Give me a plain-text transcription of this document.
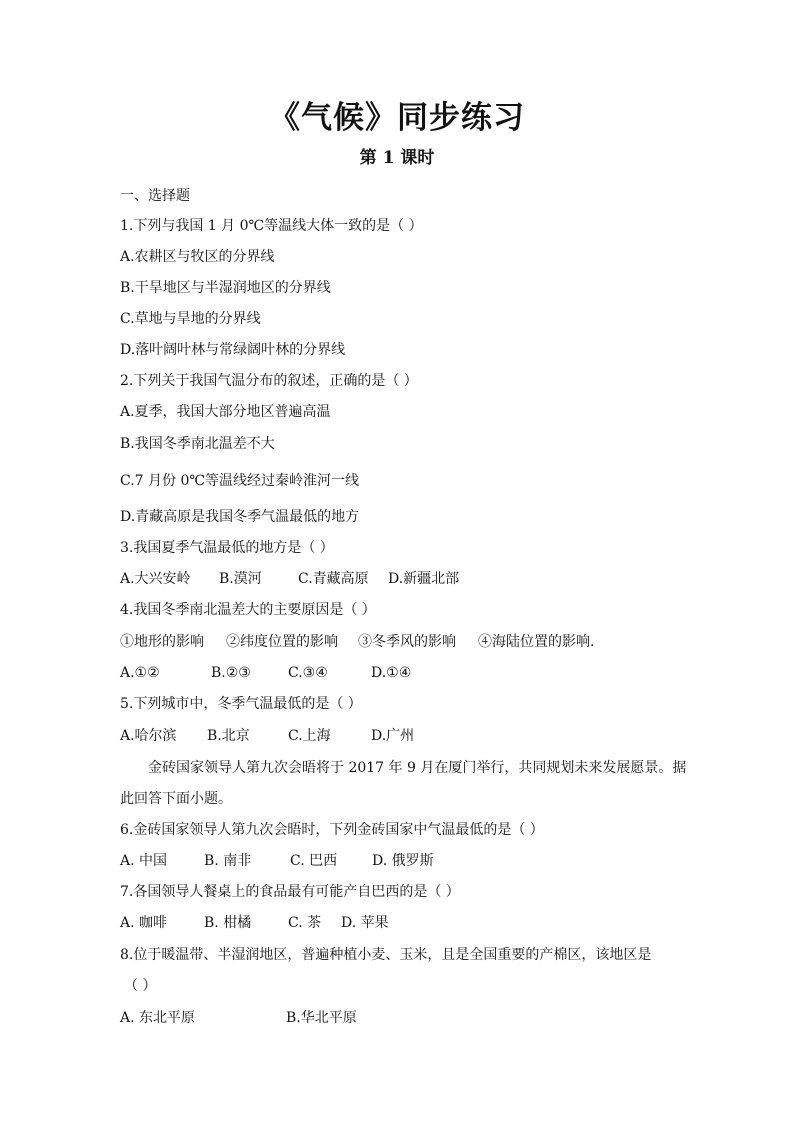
《气候》同步练习
第 1 课时
一、选择题
1.下列与我国 1 月 0℃等温线大体一致的是（ ）
A.农耕区与牧区的分界线
B.干旱地区与半湿润地区的分界线
C.草地与旱地的分界线
D.落叶阔叶林与常绿阔叶林的分界线
2.下列关于我国气温分布的叙述，正确的是（ ）
A.夏季，我国大部分地区普遍高温
B.我国冬季南北温差不大
C.7 月份 0℃等温线经过秦岭淮河一线
D.青藏高原是我国冬季气温最低的地方
3.我国夏季气温最低的地方是（ ）
A.大兴安岭 B.漠河	C.青藏高原 D.新疆北部
4.我国冬季南北温差大的主要原因是（ ）
①地形的影响 ②纬度位置的影响 ③冬季风的影响 ④海陆位置的影响.
A.①②	B.②③	C.③④	D.①④
5.下列城市中，冬季气温最低的是（ ）
A.哈尔滨 B.北京	C.上海	D.广州
金砖国家领导人第九次会晤将于 2017 年 9 月在厦门举行，共同规划未来发展愿景。据
此回答下面小题。
6.金砖国家领导人第九次会晤时，下列金砖国家中气温最低的是（ ）
A. 中国	B. 南非	C. 巴西 D. 俄罗斯
7.各国领导人餐桌上的食品最有可能产自巴西的是（ ）
A. 咖啡	B. 柑橘	C. 茶 D. 苹果
8.位于暖温带、半湿润地区，普遍种植小麦、玉米，且是全国重要的产棉区，该地区是
（ ）
A. 东北平原	B.华北平原
